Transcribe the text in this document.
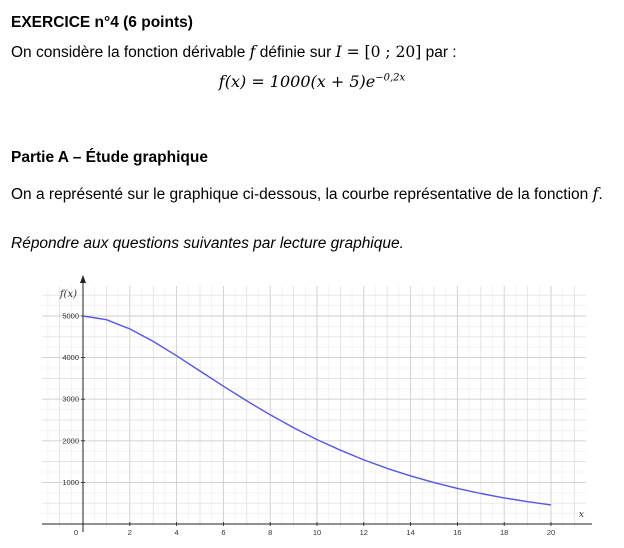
EXERCICE n°4 (6 points)
On considère la fonction dérivable f définie sur I = [0 ; 20] par :
$f(x) = 1000(x + 5)e^{-0,2x}$
Partie A – Étude graphique
On a représenté sur le graphique ci-dessous, la courbe représentative de la fonction f.
Répondre aux questions suivantes par lecture graphique.
0	2	4	6	8	10	12	14	16	18	20
1000
2000
3000
4000
5000
f(x)
x
